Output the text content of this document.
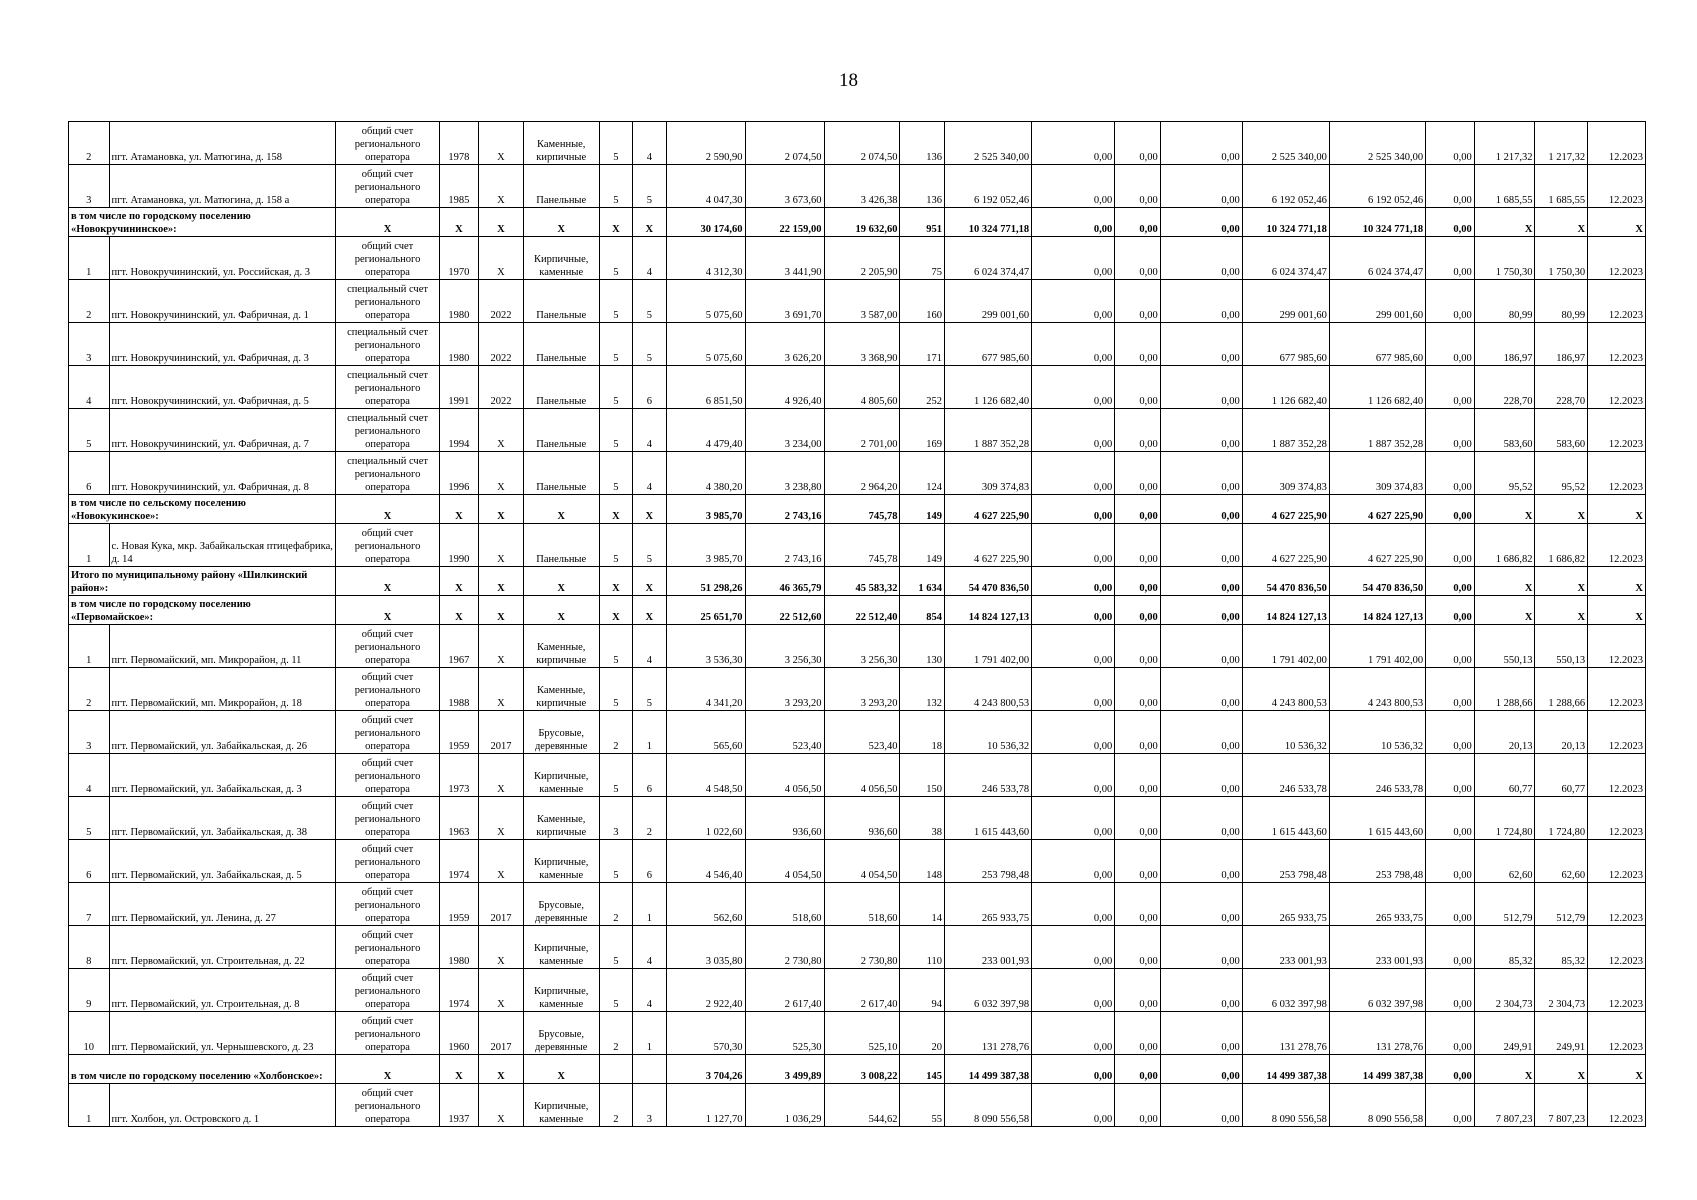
18
2	пгт. Атамановка, ул. Матюгина, д. 158	общий счет регионального оператора	1978	X	Каменные, кирпичные	5	4	2 590,90	2 074,50	2 074,50	136	2 525 340,00	0,00	0,00	0,00	2 525 340,00	2 525 340,00	0,00	1 217,32	1 217,32	12.2023
3	пгт. Атамановка, ул. Матюгина, д. 158 а	общий счет регионального оператора	1985	X	Панельные	5	5	4 047,30	3 673,60	3 426,38	136	6 192 052,46	0,00	0,00	0,00	6 192 052,46	6 192 052,46	0,00	1 685,55	1 685,55	12.2023
в том числе по городскому поселению «Новокручининское»:		X	X	X	X	X	X	30 174,60	22 159,00	19 632,60	951	10 324 771,18	0,00	0,00	0,00	10 324 771,18	10 324 771,18	0,00	X	X	X
1	пгт. Новокручининский, ул. Российская, д. 3	общий счет регионального оператора	1970	X	Кирпичные, каменные	5	4	4 312,30	3 441,90	2 205,90	75	6 024 374,47	0,00	0,00	0,00	6 024 374,47	6 024 374,47	0,00	1 750,30	1 750,30	12.2023
2	пгт. Новокручининский, ул. Фабричная, д. 1	специальный счет регионального оператора	1980	2022	Панельные	5	5	5 075,60	3 691,70	3 587,00	160	299 001,60	0,00	0,00	0,00	299 001,60	299 001,60	0,00	80,99	80,99	12.2023
3	пгт. Новокручининский, ул. Фабричная, д. 3	специальный счет регионального оператора	1980	2022	Панельные	5	5	5 075,60	3 626,20	3 368,90	171	677 985,60	0,00	0,00	0,00	677 985,60	677 985,60	0,00	186,97	186,97	12.2023
4	пгт. Новокручининский, ул. Фабричная, д. 5	специальный счет регионального оператора	1991	2022	Панельные	5	6	6 851,50	4 926,40	4 805,60	252	1 126 682,40	0,00	0,00	0,00	1 126 682,40	1 126 682,40	0,00	228,70	228,70	12.2023
5	пгт. Новокручининский, ул. Фабричная, д. 7	специальный счет регионального оператора	1994	X	Панельные	5	4	4 479,40	3 234,00	2 701,00	169	1 887 352,28	0,00	0,00	0,00	1 887 352,28	1 887 352,28	0,00	583,60	583,60	12.2023
6	пгт. Новокручининский, ул. Фабричная, д. 8	специальный счет регионального оператора	1996	X	Панельные	5	4	4 380,20	3 238,80	2 964,20	124	309 374,83	0,00	0,00	0,00	309 374,83	309 374,83	0,00	95,52	95,52	12.2023
в том числе по сельскому поселению «Новокукинское»:		X	X	X	X	X	X	3 985,70	2 743,16	745,78	149	4 627 225,90	0,00	0,00	0,00	4 627 225,90	4 627 225,90	0,00	X	X	X
1	с. Новая Кука, мкр. Забайкальская птицефабрика, д. 14	общий счет регионального оператора	1990	X	Панельные	5	5	3 985,70	2 743,16	745,78	149	4 627 225,90	0,00	0,00	0,00	4 627 225,90	4 627 225,90	0,00	1 686,82	1 686,82	12.2023
Итого по муниципальному району «Шилкинский район»:		X	X	X	X	X	X	51 298,26	46 365,79	45 583,32	1 634	54 470 836,50	0,00	0,00	0,00	54 470 836,50	54 470 836,50	0,00	X	X	X
в том числе по городскому поселению «Первомайское»:		X	X	X	X	X	X	25 651,70	22 512,60	22 512,40	854	14 824 127,13	0,00	0,00	0,00	14 824 127,13	14 824 127,13	0,00	X	X	X
1	пгт. Первомайский, мп. Микрорайон, д. 11	общий счет регионального оператора	1967	X	Каменные, кирпичные	5	4	3 536,30	3 256,30	3 256,30	130	1 791 402,00	0,00	0,00	0,00	1 791 402,00	1 791 402,00	0,00	550,13	550,13	12.2023
2	пгт. Первомайский, мп. Микрорайон, д. 18	общий счет регионального оператора	1988	X	Каменные, кирпичные	5	5	4 341,20	3 293,20	3 293,20	132	4 243 800,53	0,00	0,00	0,00	4 243 800,53	4 243 800,53	0,00	1 288,66	1 288,66	12.2023
3	пгт. Первомайский, ул. Забайкальская, д. 26	общий счет регионального оператора	1959	2017	Брусовые, деревянные	2	1	565,60	523,40	523,40	18	10 536,32	0,00	0,00	0,00	10 536,32	10 536,32	0,00	20,13	20,13	12.2023
4	пгт. Первомайский, ул. Забайкальская, д. 3	общий счет регионального оператора	1973	X	Кирпичные, каменные	5	6	4 548,50	4 056,50	4 056,50	150	246 533,78	0,00	0,00	0,00	246 533,78	246 533,78	0,00	60,77	60,77	12.2023
5	пгт. Первомайский, ул. Забайкальская, д. 38	общий счет регионального оператора	1963	X	Каменные, кирпичные	3	2	1 022,60	936,60	936,60	38	1 615 443,60	0,00	0,00	0,00	1 615 443,60	1 615 443,60	0,00	1 724,80	1 724,80	12.2023
6	пгт. Первомайский, ул. Забайкальская, д. 5	общий счет регионального оператора	1974	X	Кирпичные, каменные	5	6	4 546,40	4 054,50	4 054,50	148	253 798,48	0,00	0,00	0,00	253 798,48	253 798,48	0,00	62,60	62,60	12.2023
7	пгт. Первомайский, ул. Ленина, д. 27	общий счет регионального оператора	1959	2017	Брусовые, деревянные	2	1	562,60	518,60	518,60	14	265 933,75	0,00	0,00	0,00	265 933,75	265 933,75	0,00	512,79	512,79	12.2023
8	пгт. Первомайский, ул. Строительная, д. 22	общий счет регионального оператора	1980	X	Кирпичные, каменные	5	4	3 035,80	2 730,80	2 730,80	110	233 001,93	0,00	0,00	0,00	233 001,93	233 001,93	0,00	85,32	85,32	12.2023
9	пгт. Первомайский, ул. Строительная, д. 8	общий счет регионального оператора	1974	X	Кирпичные, каменные	5	4	2 922,40	2 617,40	2 617,40	94	6 032 397,98	0,00	0,00	0,00	6 032 397,98	6 032 397,98	0,00	2 304,73	2 304,73	12.2023
10	пгт. Первомайский, ул. Чернышевского, д. 23	общий счет регионального оператора	1960	2017	Брусовые, деревянные	2	1	570,30	525,30	525,10	20	131 278,76	0,00	0,00	0,00	131 278,76	131 278,76	0,00	249,91	249,91	12.2023
в том числе по городскому поселению «Холбонское»:		X	X	X	X			3 704,26	3 499,89	3 008,22	145	14 499 387,38	0,00	0,00	0,00	14 499 387,38	14 499 387,38	0,00	X	X	X
1	пгт. Холбон, ул. Островского д. 1	общий счет регионального оператора	1937	X	Кирпичные, каменные	2	3	1 127,70	1 036,29	544,62	55	8 090 556,58	0,00	0,00	0,00	8 090 556,58	8 090 556,58	0,00	7 807,23	7 807,23	12.2023
